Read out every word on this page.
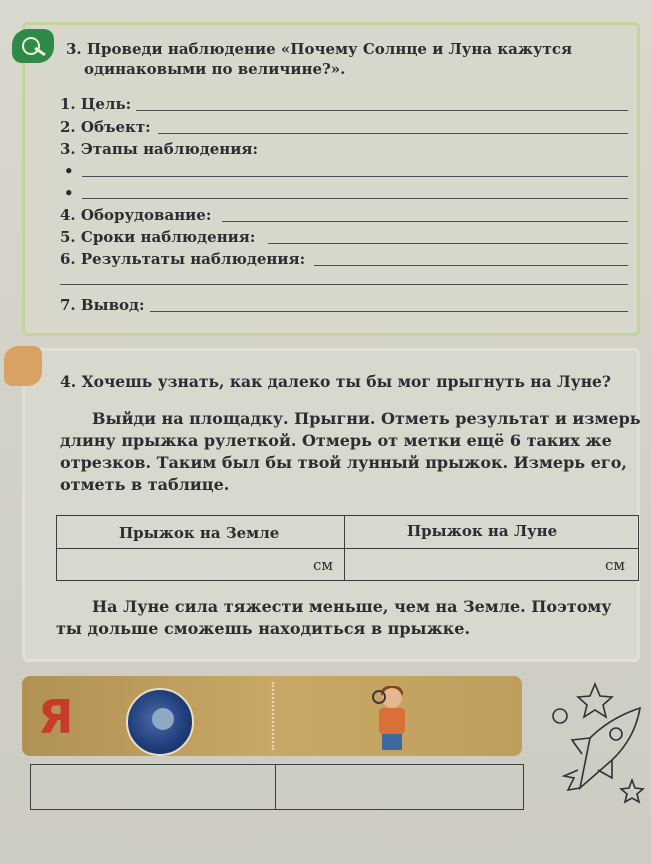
3. Проведи наблюдение «Почему Солнце и Луна кажутся
одинаковыми по величине?».
1. Цель:
2. Объект:
3. Этапы наблюдения:
•
•
4. Оборудование:
5. Сроки наблюдения:
6. Результаты наблюдения:
7. Вывод:
4. Хочешь узнать, как далеко ты бы мог прыгнуть на Луне?
Выйди на площадку. Прыгни. Отметь результат и измерь
длину прыжка рулеткой. Отмерь от метки ещё 6 таких же
отрезков. Таким был бы твой лунный прыжок. Измерь его,
отметь в таблице.
Прыжок на Земле	Прыжок на Луне
см	см
На Луне сила тяжести меньше, чем на Земле. Поэтому
ты дольше сможешь находиться в прыжке.
Я
